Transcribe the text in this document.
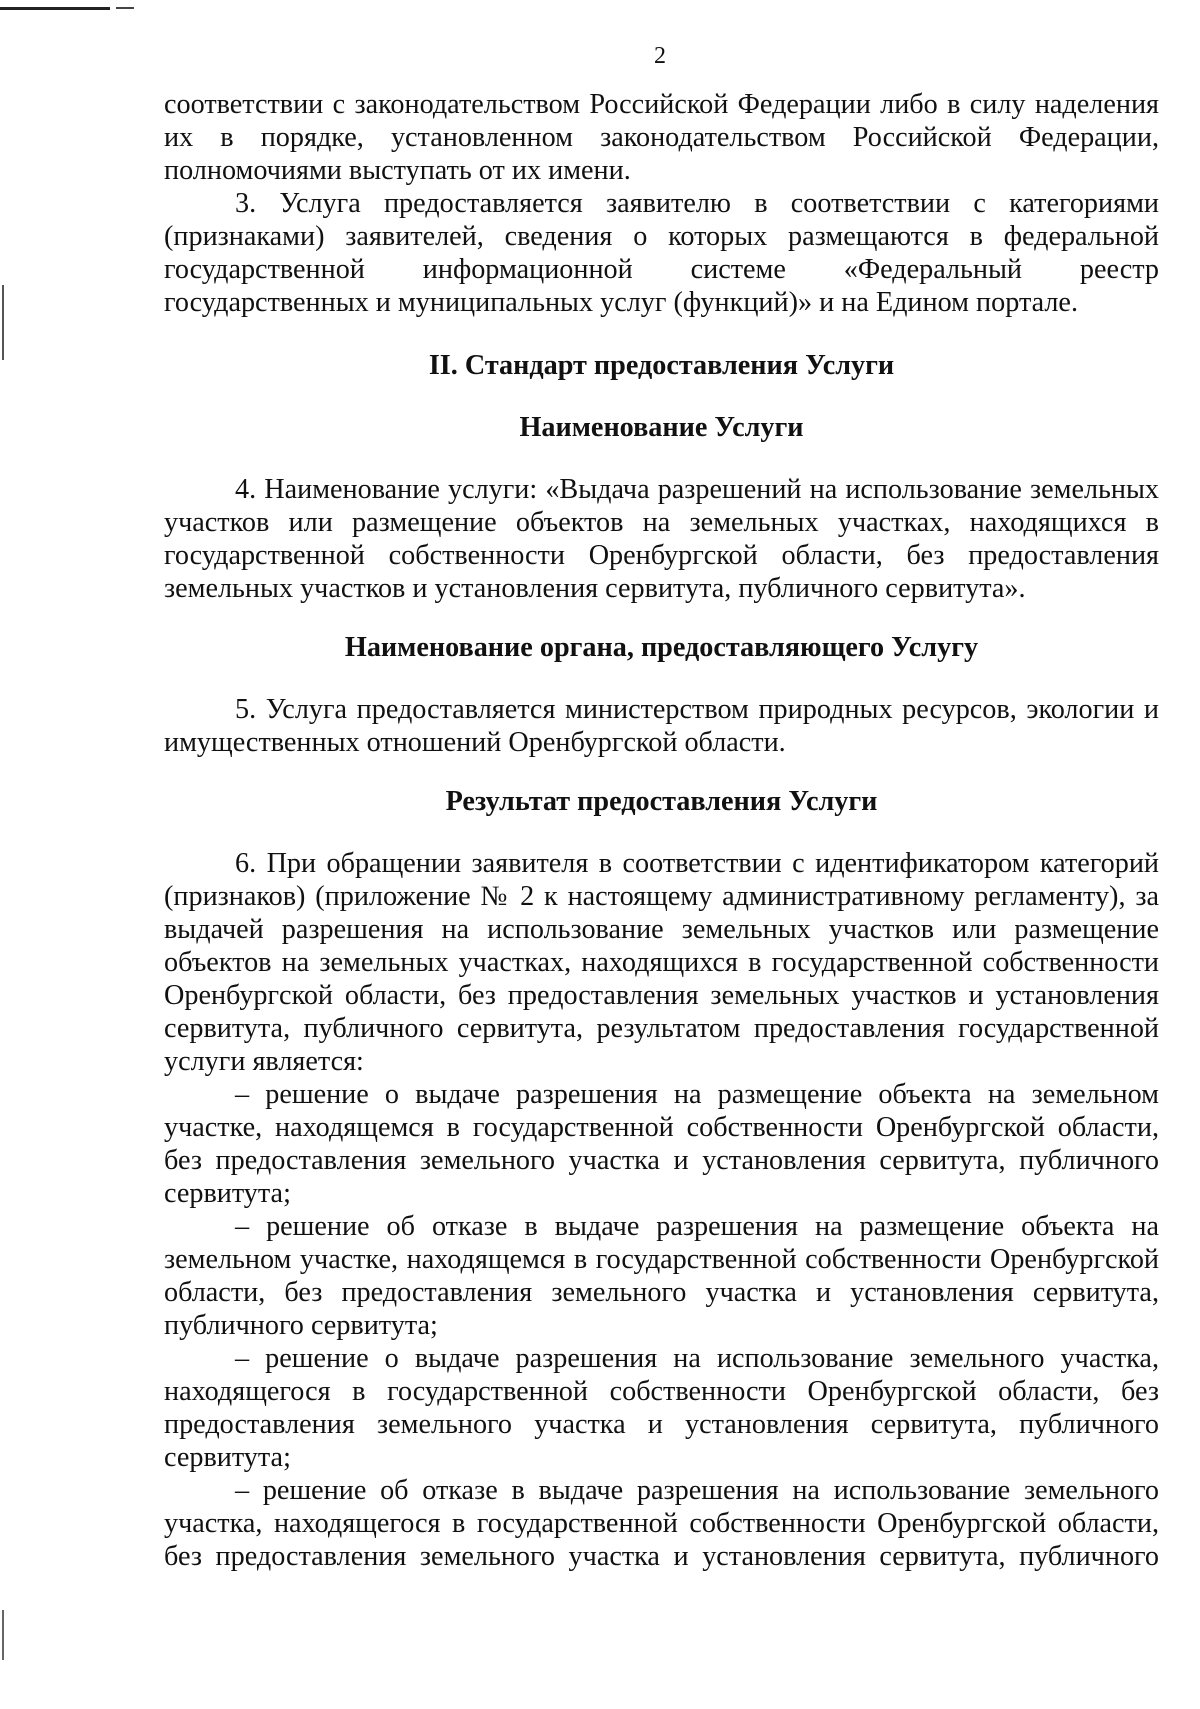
2

соответствии с законодательством Российской Федерации либо в силу наделения их в порядке, установленном законодательством Российской Федерации, полномочиями выступать от их имени.

3. Услуга предоставляется заявителю в соответствии с категориями (признаками) заявителей, сведения о которых размещаются в федеральной государственной информационной системе «Федеральный реестр государственных и муниципальных услуг (функций)» и на Едином портале.

II. Стандарт предоставления Услуги

Наименование Услуги

4. Наименование услуги: «Выдача разрешений на использование земельных участков или размещение объектов на земельных участках, находящихся в государственной собственности Оренбургской области, без предоставления земельных участков и установления сервитута, публичного сервитута».

Наименование органа, предоставляющего Услугу

5. Услуга предоставляется министерством природных ресурсов, экологии и имущественных отношений Оренбургской области.

Результат предоставления Услуги

6. При обращении заявителя в соответствии с идентификатором категорий (признаков) (приложение № 2 к настоящему административному регламенту), за выдачей разрешения на использование земельных участков или размещение объектов на земельных участках, находящихся в государственной собственности Оренбургской области, без предоставления земельных участков и установления сервитута, публичного сервитута, результатом предоставления государственной услуги является:

– решение о выдаче разрешения на размещение объекта на земельном участке, находящемся в государственной собственности Оренбургской области, без предоставления земельного участка и установления сервитута, публичного сервитута;

– решение об отказе в выдаче разрешения на размещение объекта на земельном участке, находящемся в государственной собственности Оренбургской области, без предоставления земельного участка и установления сервитута, публичного сервитута;

– решение о выдаче разрешения на использование земельного участка, находящегося в государственной собственности Оренбургской области, без предоставления земельного участка и установления сервитута, публичного сервитута;

– решение об отказе в выдаче разрешения на использование земельного участка, находящегося в государственной собственности Оренбургской области, без предоставления земельного участка и установления сервитута, публичного
